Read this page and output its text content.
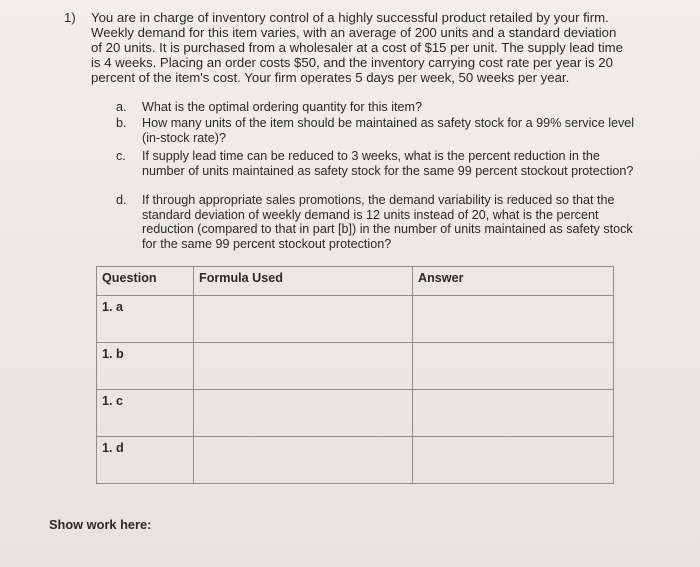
1) You are in charge of inventory control of a highly successful product retailed by your firm. Weekly demand for this item varies, with an average of 200 units and a standard deviation of 20 units. It is purchased from a wholesaler at a cost of $15 per unit. The supply lead time is 4 weeks. Placing an order costs $50, and the inventory carrying cost rate per year is 20 percent of the item's cost. Your firm operates 5 days per week, 50 weeks per year.

a. What is the optimal ordering quantity for this item?
b. How many units of the item should be maintained as safety stock for a 99% service level (in-stock rate)?
c. If supply lead time can be reduced to 3 weeks, what is the percent reduction in the number of units maintained as safety stock for the same 99 percent stockout protection?
d. If through appropriate sales promotions, the demand variability is reduced so that the standard deviation of weekly demand is 12 units instead of 20, what is the percent reduction (compared to that in part [b]) in the number of units maintained as safety stock for the same 99 percent stockout protection?
Question	Formula Used	Answer
1. a		
1. b		
1. c		
1. d		
Show work here:
